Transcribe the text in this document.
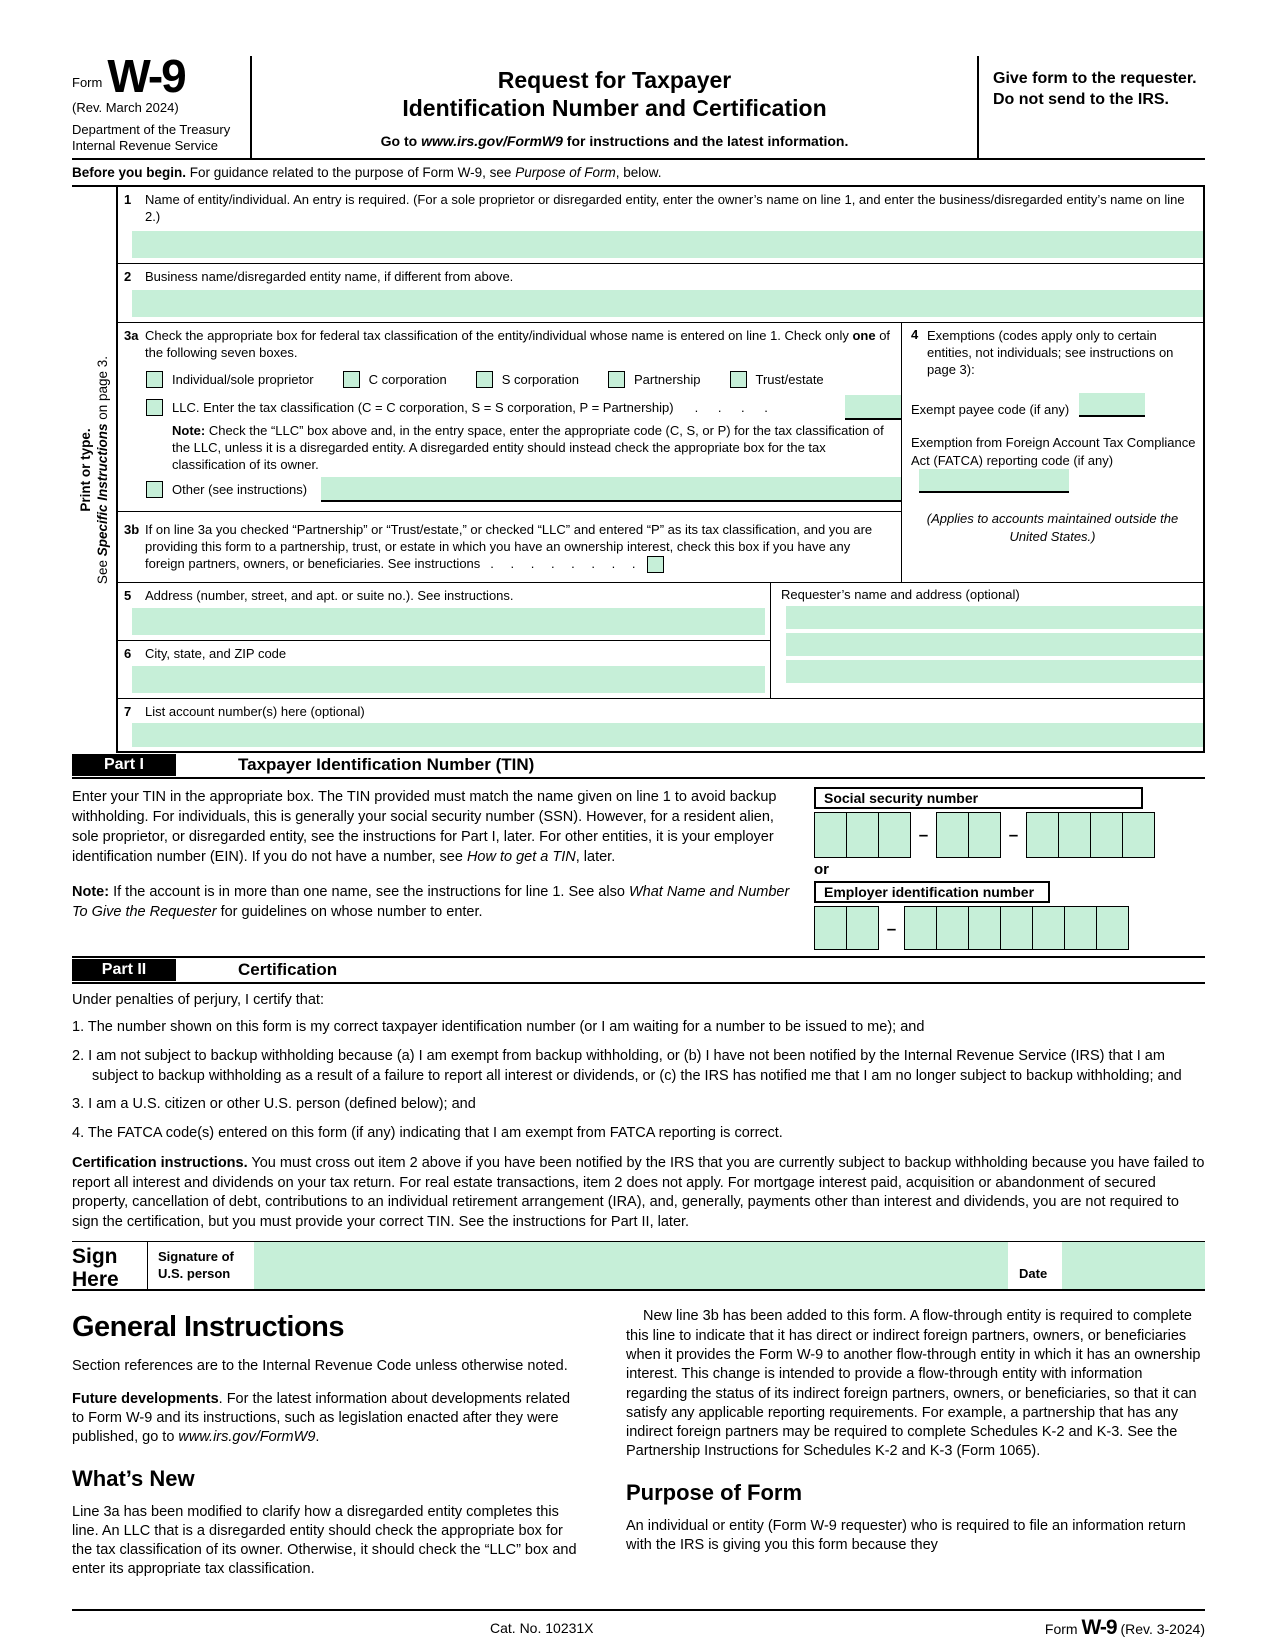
Form W-9
(Rev. March 2024)
Department of the Treasury
Internal Revenue Service
Request for Taxpayer
Identification Number and Certification
Go to www.irs.gov/FormW9 for instructions and the latest information.
Give form to the requester. Do not send to the IRS.
Before you begin. For guidance related to the purpose of Form W-9, see Purpose of Form, below.
Print or type.
See Specific Instructions on page 3.
1	Name of entity/individual. An entry is required. (For a sole proprietor or disregarded entity, enter the owner’s name on line 1, and enter the business/disregarded entity’s name on line 2.)
2	Business name/disregarded entity name, if different from above.
3a Check the appropriate box for federal tax classification of the entity/individual whose name is entered on line 1. Check only one of the following seven boxes.
Individual/sole proprietor	C corporation	S corporation	Partnership	Trust/estate
LLC. Enter the tax classification (C = C corporation, S = S corporation, P = Partnership) . . . .
Note: Check the “LLC” box above and, in the entry space, enter the appropriate code (C, S, or P) for the tax classification of the LLC, unless it is a disregarded entity. A disregarded entity should instead check the appropriate box for the tax classification of its owner.
Other (see instructions)
3b If on line 3a you checked “Partnership” or “Trust/estate,” or checked “LLC” and entered “P” as its tax classification, and you are providing this form to a partnership, trust, or estate in which you have an ownership interest, check this box if you have any foreign partners, owners, or beneficiaries. See instructions . . . . . . . .
4 Exemptions (codes apply only to certain entities, not individuals; see instructions on page 3):
Exempt payee code (if any)
Exemption from Foreign Account Tax Compliance Act (FATCA) reporting code (if any)
(Applies to accounts maintained outside the United States.)
5	Address (number, street, and apt. or suite no.). See instructions.
6	City, state, and ZIP code
Requester’s name and address (optional)
7	List account number(s) here (optional)
Part I	Taxpayer Identification Number (TIN)

Enter your TIN in the appropriate box. The TIN provided must match the name given on line 1 to avoid backup withholding. For individuals, this is generally your social security number (SSN). However, for a resident alien, sole proprietor, or disregarded entity, see the instructions for Part I, later. For other entities, it is your employer identification number (EIN). If you do not have a number, see How to get a TIN, later.

Note: If the account is in more than one name, see the instructions for line 1. See also What Name and Number To Give the Requester for guidelines on whose number to enter.

Social security number
–	–
or
Employer identification number
–
Part II	Certification
Under penalties of perjury, I certify that:
1. The number shown on this form is my correct taxpayer identification number (or I am waiting for a number to be issued to me); and
2. I am not subject to backup withholding because (a) I am exempt from backup withholding, or (b) I have not been notified by the Internal Revenue Service (IRS) that I am subject to backup withholding as a result of a failure to report all interest or dividends, or (c) the IRS has notified me that I am no longer subject to backup withholding; and
3. I am a U.S. citizen or other U.S. person (defined below); and
4. The FATCA code(s) entered on this form (if any) indicating that I am exempt from FATCA reporting is correct.
Certification instructions. You must cross out item 2 above if you have been notified by the IRS that you are currently subject to backup withholding because you have failed to report all interest and dividends on your tax return. For real estate transactions, item 2 does not apply. For mortgage interest paid, acquisition or abandonment of secured property, cancellation of debt, contributions to an individual retirement arrangement (IRA), and, generally, payments other than interest and dividends, you are not required to sign the certification, but you must provide your correct TIN. See the instructions for Part II, later.
Sign
Here
Signature of
U.S. person	Date
General Instructions

Section references are to the Internal Revenue Code unless otherwise noted.

Future developments. For the latest information about developments related to Form W-9 and its instructions, such as legislation enacted after they were published, go to www.irs.gov/FormW9.

What’s New

Line 3a has been modified to clarify how a disregarded entity completes this line. An LLC that is a disregarded entity should check the appropriate box for the tax classification of its owner. Otherwise, it should check the “LLC” box and enter its appropriate tax classification.

New line 3b has been added to this form. A flow-through entity is required to complete this line to indicate that it has direct or indirect foreign partners, owners, or beneficiaries when it provides the Form W-9 to another flow-through entity in which it has an ownership interest. This change is intended to provide a flow-through entity with information regarding the status of its indirect foreign partners, owners, or beneficiaries, so that it can satisfy any applicable reporting requirements. For example, a partnership that has any indirect foreign partners may be required to complete Schedules K-2 and K-3. See the Partnership Instructions for Schedules K-2 and K-3 (Form 1065).

Purpose of Form

An individual or entity (Form W-9 requester) who is required to file an information return with the IRS is giving you this form because they

Cat. No. 10231X	Form W-9 (Rev. 3-2024)
